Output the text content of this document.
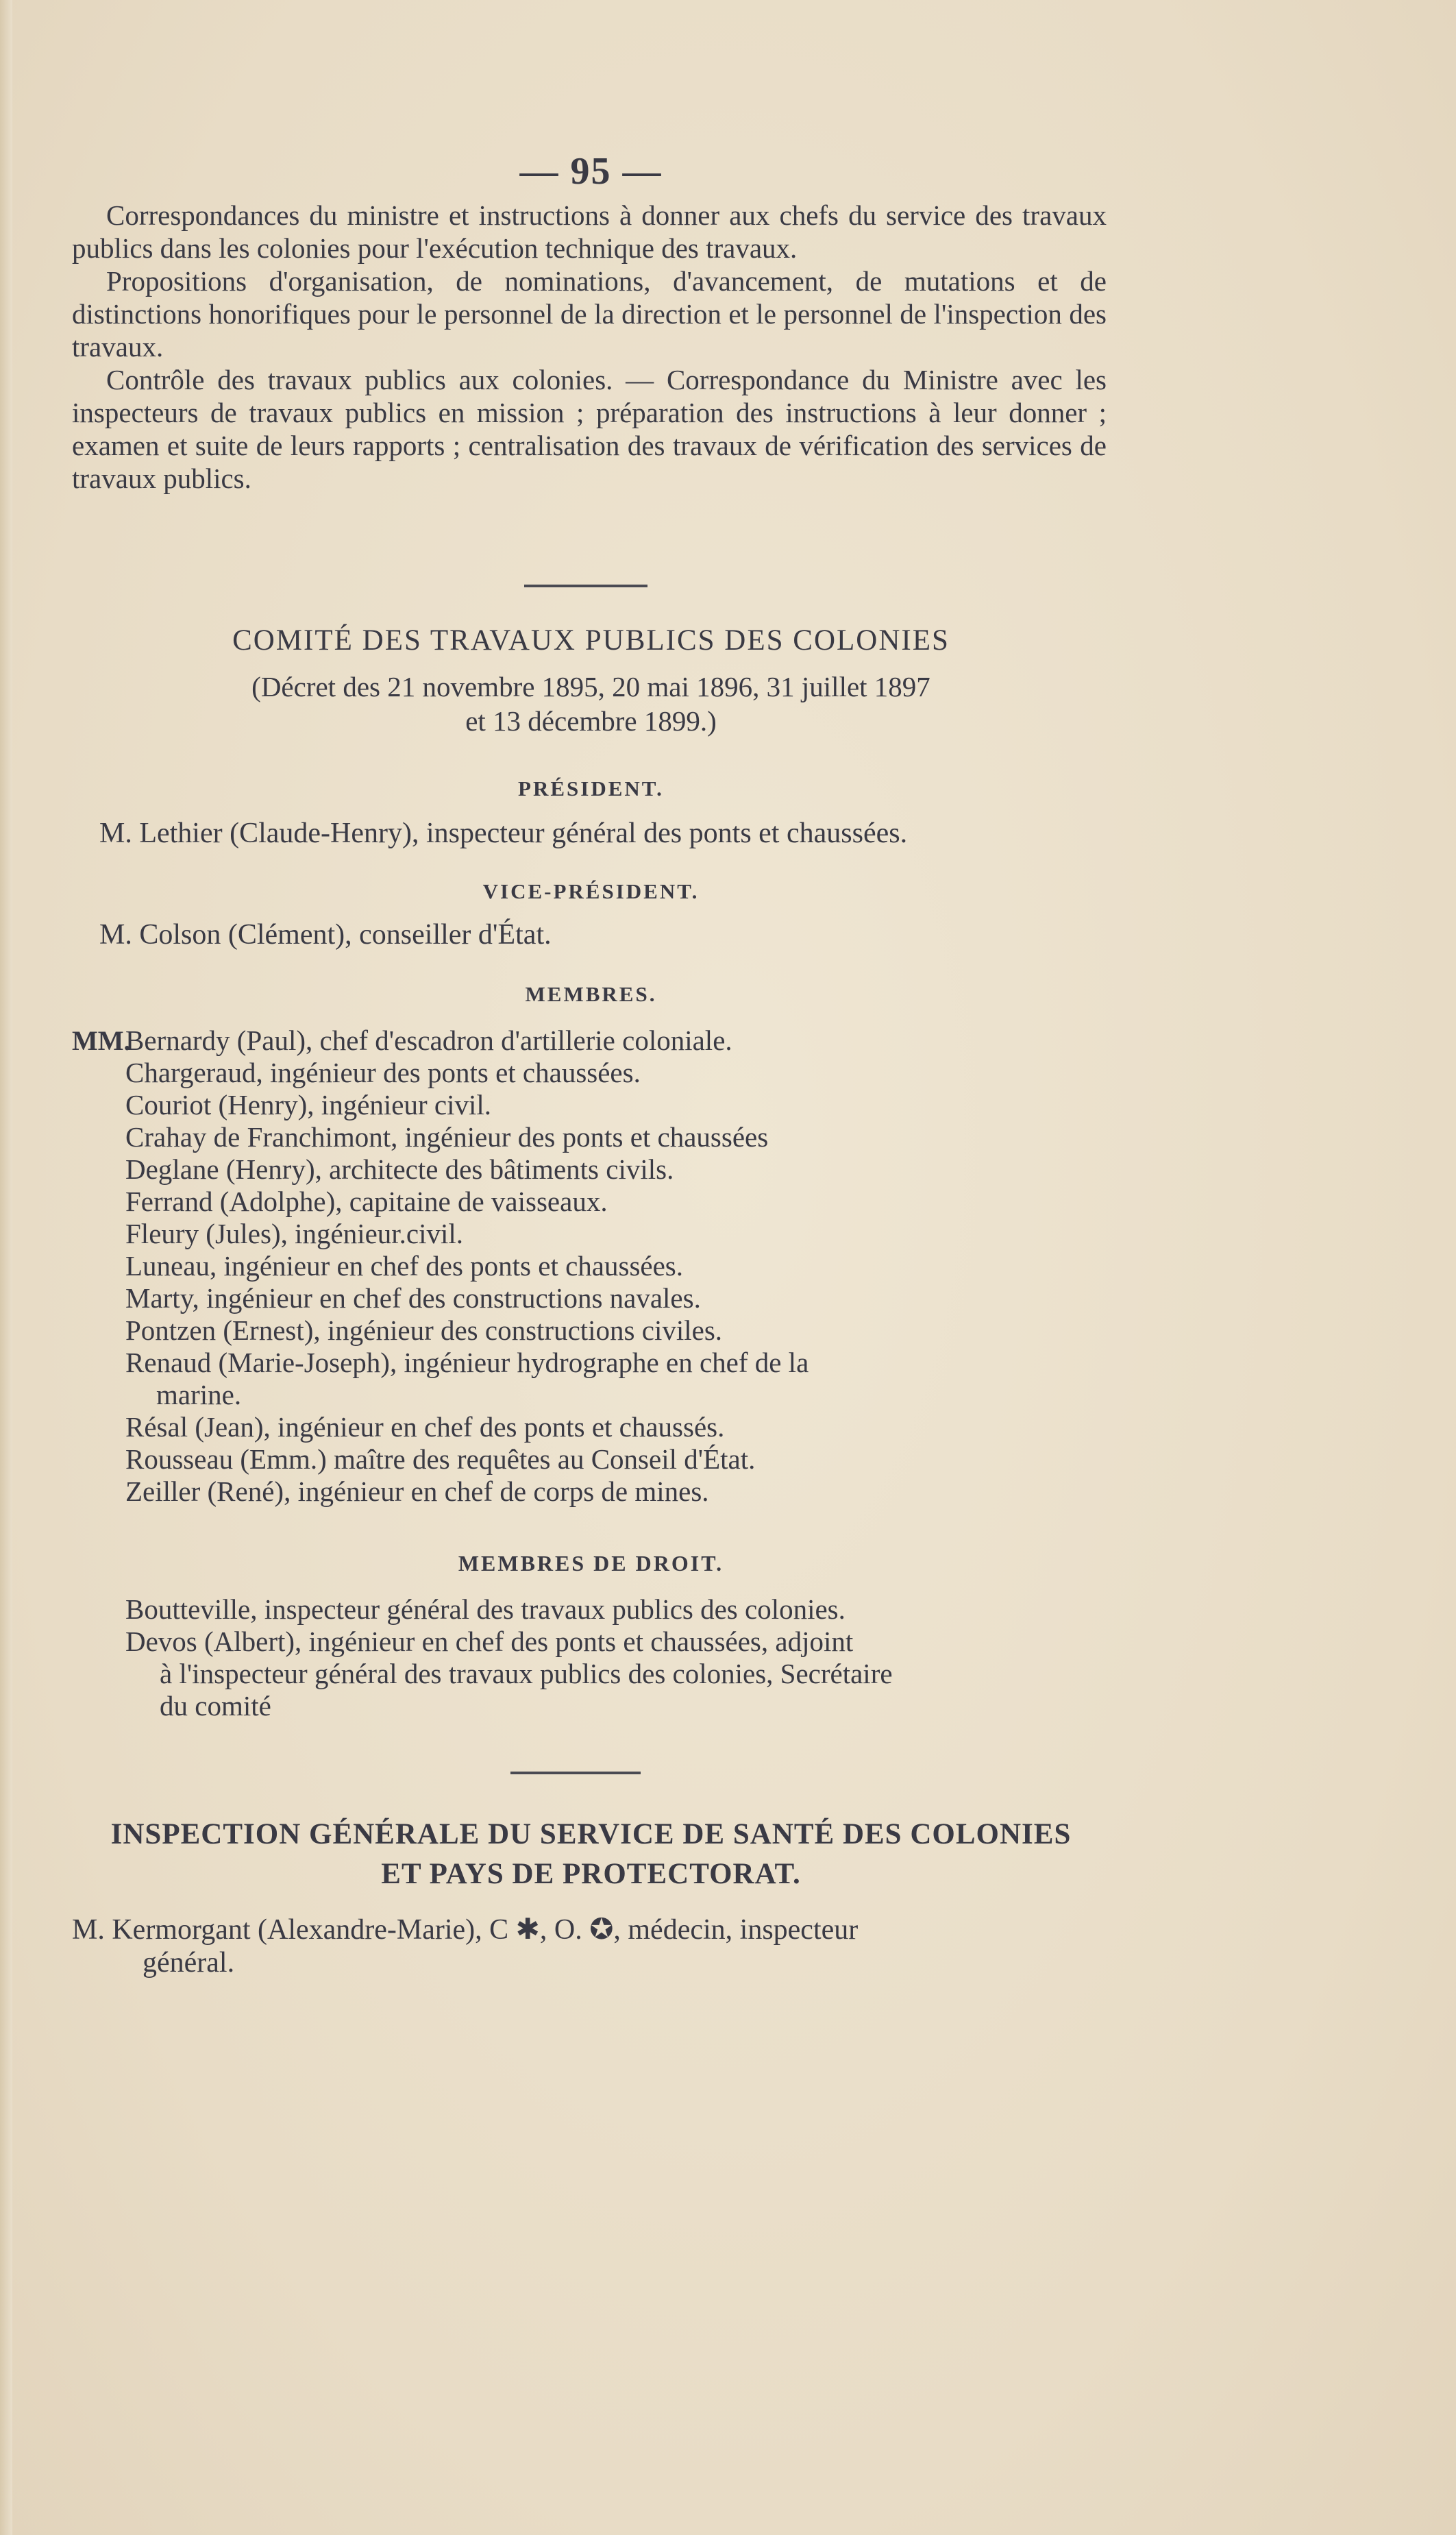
— 95 —

Correspondances du ministre et instructions à donner aux chefs du service des travaux publics dans les colonies pour l'exécution technique des travaux.

Propositions d'organisation, de nominations, d'avancement, de mutations et de distinctions honorifiques pour le personnel de la direction et le personnel de l'inspection des travaux.

Contrôle des travaux publics aux colonies. — Correspondance du Ministre avec les inspecteurs de travaux publics en mission ; préparation des instructions à leur donner ; examen et suite de leurs rapports ; centralisation des travaux de vérification des services de travaux publics.

COMITÉ DES TRAVAUX PUBLICS DES COLONIES
(Décret des 21 novembre 1895, 20 mai 1896, 31 juillet 1897
et 13 décembre 1899.)
PRÉSIDENT.
M. Lethier (Claude-Henry), inspecteur général des ponts et chaussées.
VICE-PRÉSIDENT.
M. Colson (Clément), conseiller d'État.
MEMBRES.
MM.
Bernardy (Paul), chef d'escadron d'artillerie coloniale.
Chargeraud, ingénieur des ponts et chaussées.
Couriot (Henry), ingénieur civil.
Crahay de Franchimont, ingénieur des ponts et chaussées
Deglane (Henry), architecte des bâtiments civils.
Ferrand (Adolphe), capitaine de vaisseaux.
Fleury (Jules), ingénieur.civil.
Luneau, ingénieur en chef des ponts et chaussées.
Marty, ingénieur en chef des constructions navales.
Pontzen (Ernest), ingénieur des constructions civiles.
Renaud (Marie-Joseph), ingénieur hydrographe en chef de la
marine.
Résal (Jean), ingénieur en chef des ponts et chaussés.
Rousseau (Emm.) maître des requêtes au Conseil d'État.
Zeiller (René), ingénieur en chef de corps de mines.
MEMBRES DE DROIT.
Boutteville, inspecteur général des travaux publics des colonies.
Devos (Albert), ingénieur en chef des ponts et chaussées, adjoint
à l'inspecteur général des travaux publics des colonies, Secrétaire
du comité
INSPECTION GÉNÉRALE DU SERVICE DE SANTÉ DES COLONIES
ET PAYS DE PROTECTORAT.
M. Kermorgant (Alexandre-Marie), C ✱, O. ✪, médecin, inspecteur
général.
